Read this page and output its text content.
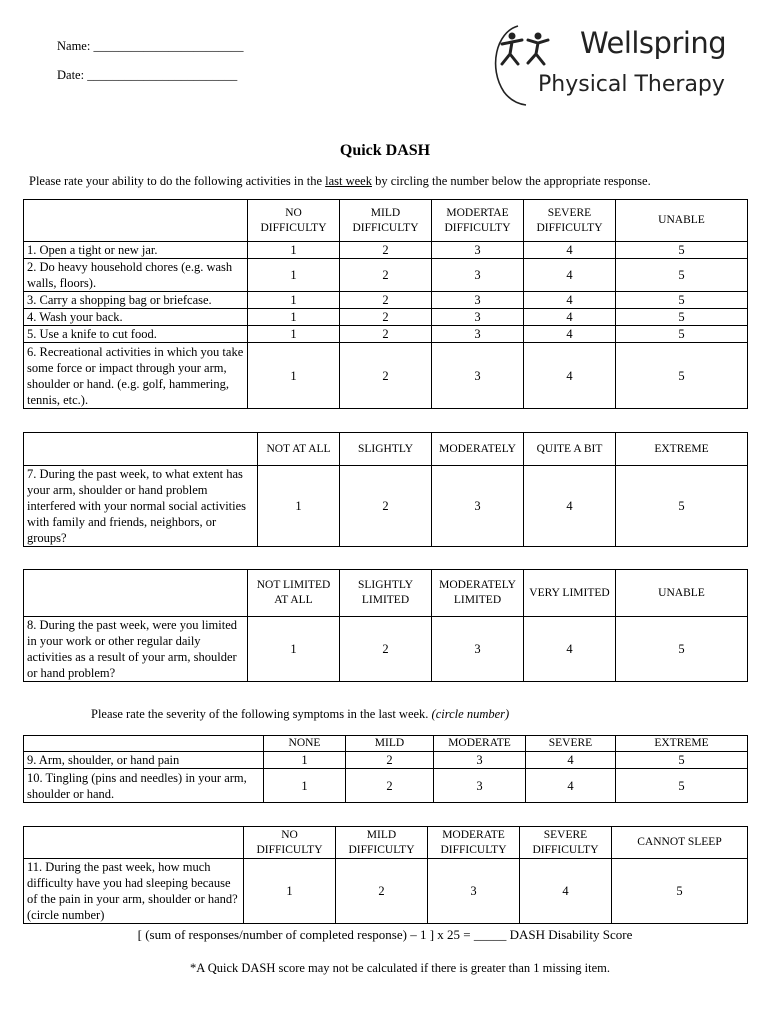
Name: ________________________
Date: ________________________
Wellspring
Physical Therapy
Quick DASH
Please rate your ability to do the following activities in the last week by circling the number below the appropriate response.
	NO DIFFICULTY	MILD DIFFICULTY	MODERTAE DIFFICULTY	SEVERE DIFFICULTY	UNABLE
1. Open a tight or new jar.	1	2	3	4	5
2. Do heavy household chores (e.g. wash walls, floors).	1	2	3	4	5
3. Carry a shopping bag or briefcase.	1	2	3	4	5
4. Wash your back.	1	2	3	4	5
5. Use a knife to cut food.	1	2	3	4	5
6. Recreational activities in which you take some force or impact through your arm, shoulder or hand. (e.g. golf, hammering, tennis, etc.).	1	2	3	4	5
	NOT AT ALL	SLIGHTLY	MODERATELY	QUITE A BIT	EXTREME
7. During the past week, to what extent has your arm, shoulder or hand problem interfered with your normal social activities with family and friends, neighbors, or groups?	1	2	3	4	5
	NOT LIMITED AT ALL	SLIGHTLY LIMITED	MODERATELY LIMITED	VERY LIMITED	UNABLE
8. During the past week, were you limited in your work or other regular daily activities as a result of your arm, shoulder or hand problem?	1	2	3	4	5
Please rate the severity of the following symptoms in the last week. (circle number)
	NONE	MILD	MODERATE	SEVERE	EXTREME
9. Arm, shoulder, or hand pain	1	2	3	4	5
10. Tingling (pins and needles) in your arm, shoulder or hand.	1	2	3	4	5
	NO DIFFICULTY	MILD DIFFICULTY	MODERATE DIFFICULTY	SEVERE DIFFICULTY	CANNOT SLEEP
11. During the past week, how much difficulty have you had sleeping because of the pain in your arm, shoulder or hand? (circle number)	1	2	3	4	5
[ (sum of responses/number of completed response) – 1 ] x 25 = _____ DASH Disability Score
*A Quick DASH score may not be calculated if there is greater than 1 missing item.
